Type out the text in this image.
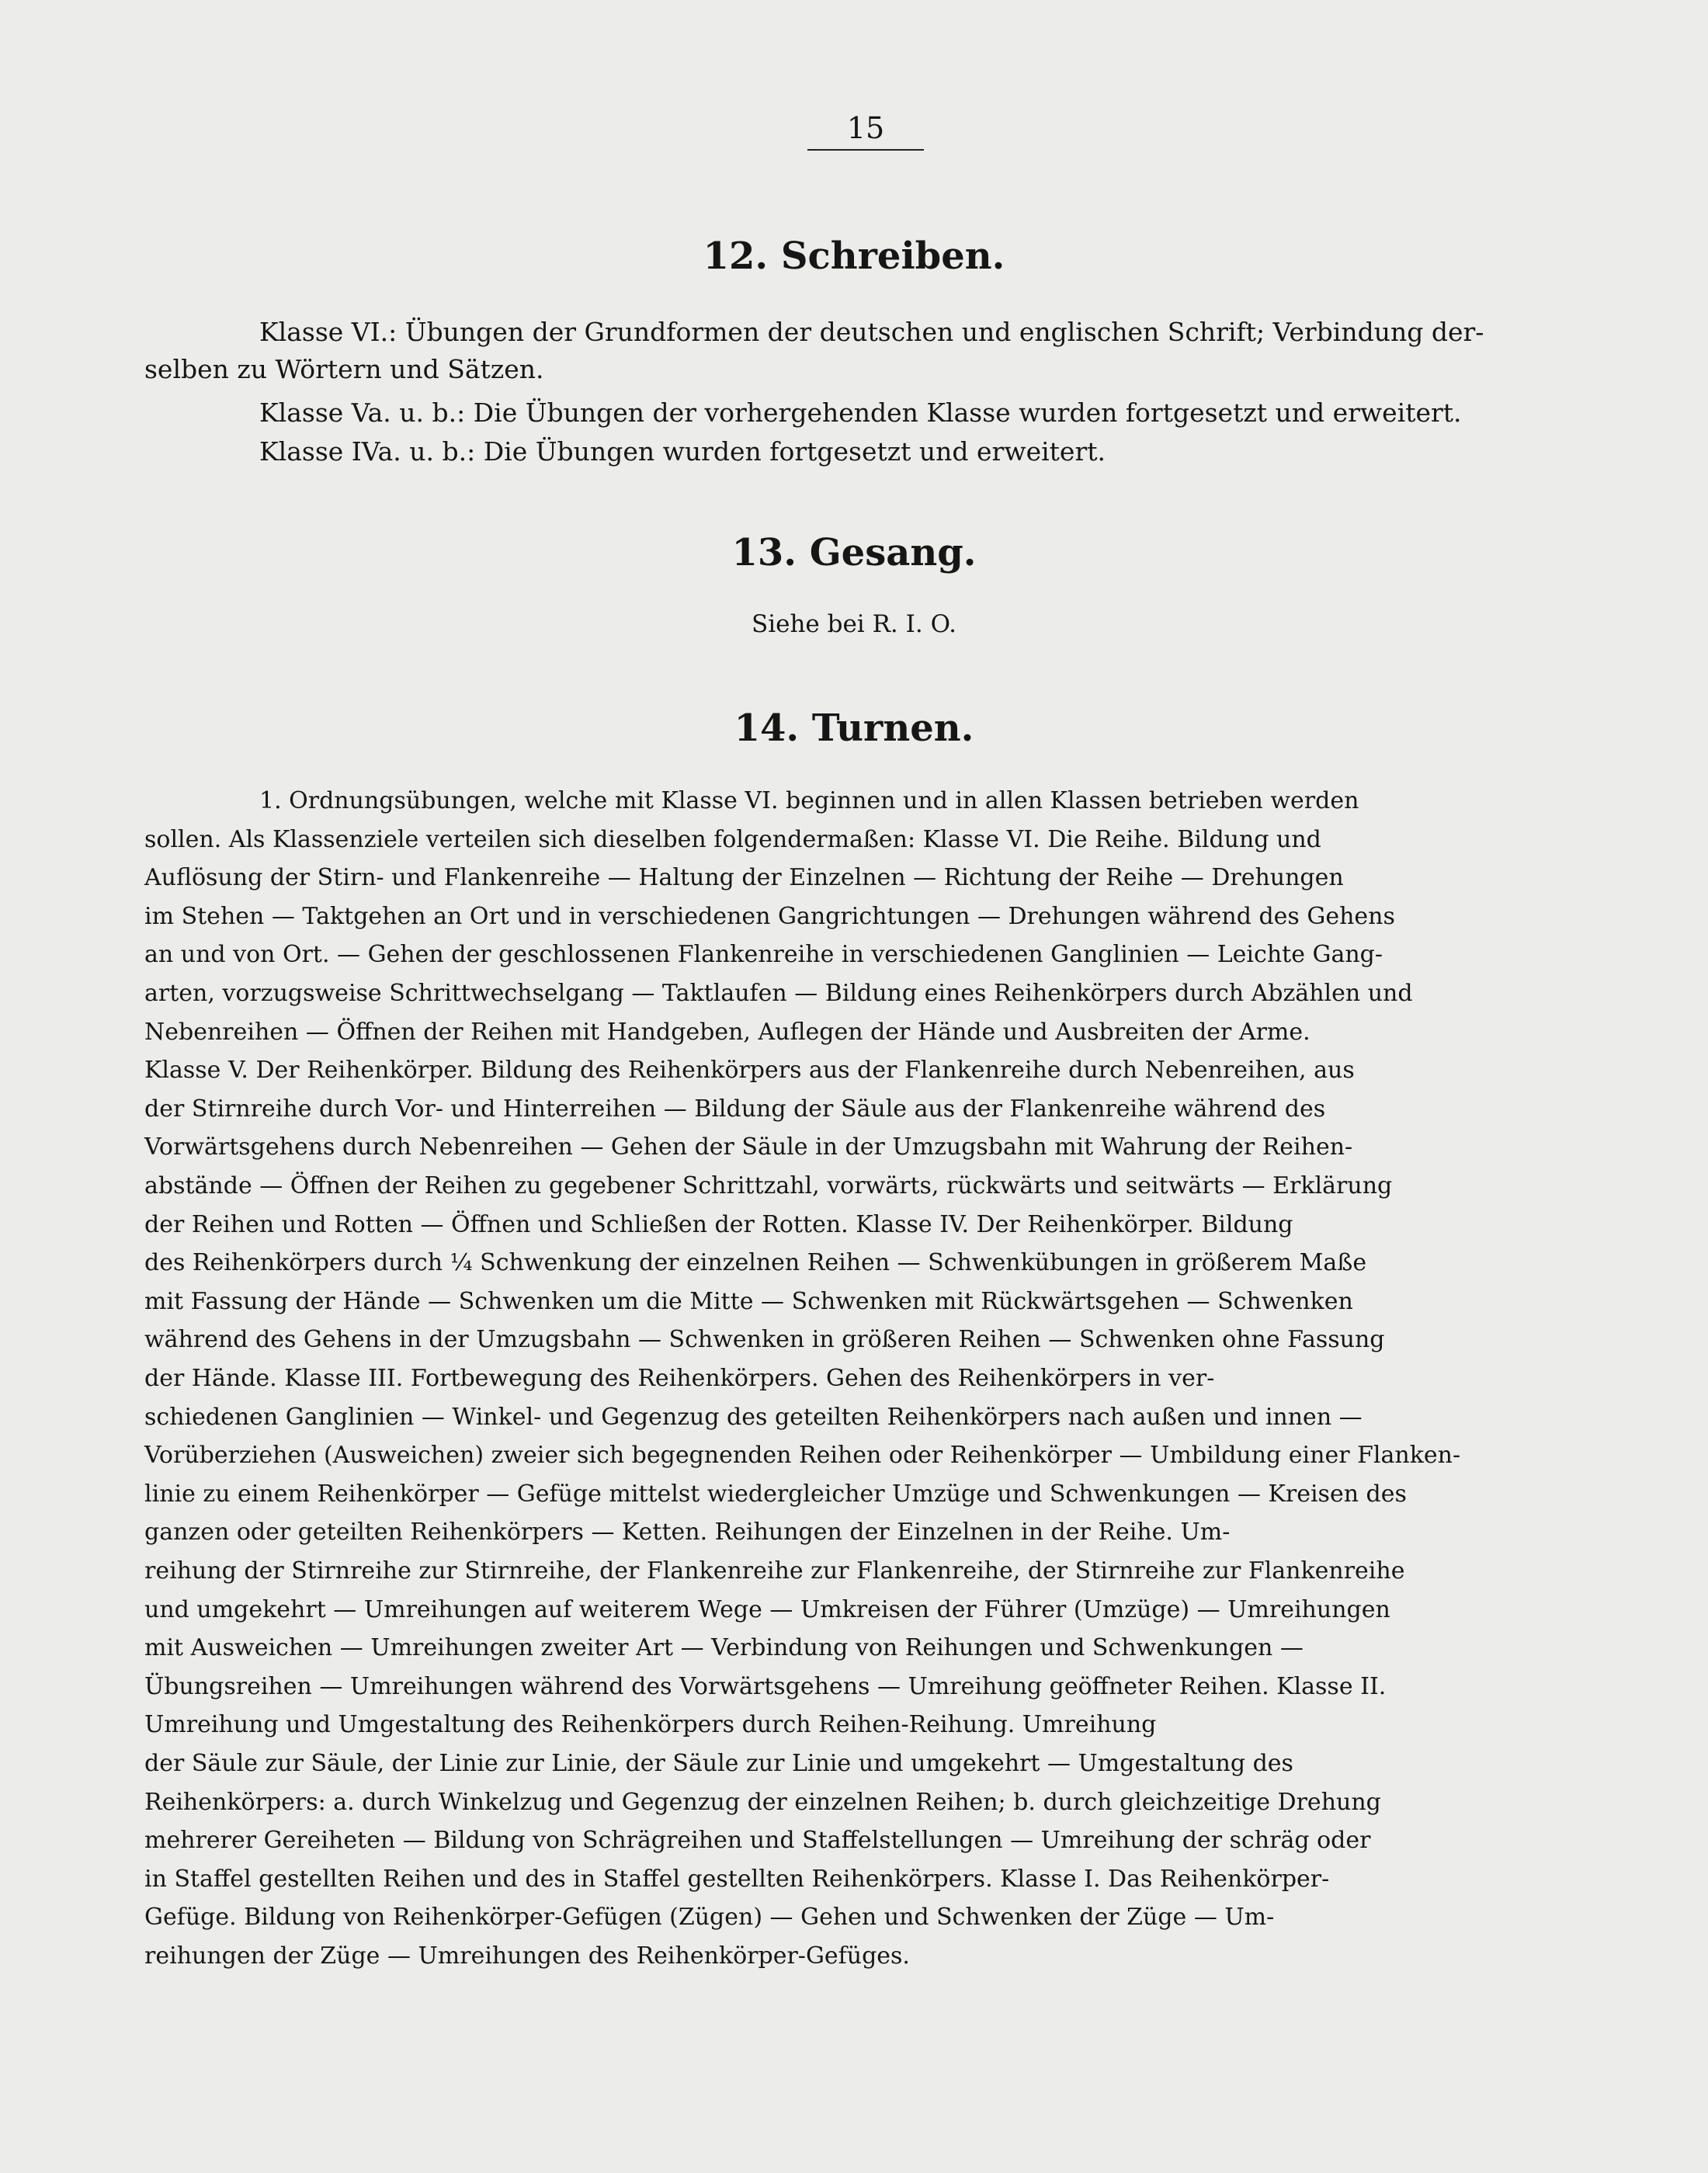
15
12. Schreiben.
Klasse VI.: Übungen der Grundformen der deutschen und englischen Schrift; Verbindung der-
selben zu Wörtern und Sätzen.
Klasse Va. u. b.: Die Übungen der vorhergehenden Klasse wurden fortgesetzt und erweitert.
Klasse IVa. u. b.: Die Übungen wurden fortgesetzt und erweitert.
13. Gesang.
Siehe bei R. I. O.
14. Turnen.
1. Ordnungsübungen, welche mit Klasse VI. beginnen und in allen Klassen betrieben werden
sollen. Als Klassenziele verteilen sich dieselben folgendermaßen: Klasse VI. Die Reihe. Bildung und
Auflösung der Stirn- und Flankenreihe — Haltung der Einzelnen — Richtung der Reihe — Drehungen
im Stehen — Taktgehen an Ort und in verschiedenen Gangrichtungen — Drehungen während des Gehens
an und von Ort. — Gehen der geschlossenen Flankenreihe in verschiedenen Ganglinien — Leichte Gang-
arten, vorzugsweise Schrittwechselgang — Taktlaufen — Bildung eines Reihenkörpers durch Abzählen und
Nebenreihen — Öffnen der Reihen mit Handgeben, Auflegen der Hände und Ausbreiten der Arme.
Klasse V. Der Reihenkörper. Bildung des Reihenkörpers aus der Flankenreihe durch Nebenreihen, aus
der Stirnreihe durch Vor- und Hinterreihen — Bildung der Säule aus der Flankenreihe während des
Vorwärtsgehens durch Nebenreihen — Gehen der Säule in der Umzugsbahn mit Wahrung der Reihen-
abstände — Öffnen der Reihen zu gegebener Schrittzahl, vorwärts, rückwärts und seitwärts — Erklärung
der Reihen und Rotten — Öffnen und Schließen der Rotten. Klasse IV. Der Reihenkörper. Bildung
des Reihenkörpers durch ¼ Schwenkung der einzelnen Reihen — Schwenkübungen in größerem Maße
mit Fassung der Hände — Schwenken um die Mitte — Schwenken mit Rückwärtsgehen — Schwenken
während des Gehens in der Umzugsbahn — Schwenken in größeren Reihen — Schwenken ohne Fassung
der Hände. Klasse III. Fortbewegung des Reihenkörpers. Gehen des Reihenkörpers in ver-
schiedenen Ganglinien — Winkel- und Gegenzug des geteilten Reihenkörpers nach außen und innen —
Vorüberziehen (Ausweichen) zweier sich begegnenden Reihen oder Reihenkörper — Umbildung einer Flanken-
linie zu einem Reihenkörper — Gefüge mittelst wiedergleicher Umzüge und Schwenkungen — Kreisen des
ganzen oder geteilten Reihenkörpers — Ketten. Reihungen der Einzelnen in der Reihe. Um-
reihung der Stirnreihe zur Stirnreihe, der Flankenreihe zur Flankenreihe, der Stirnreihe zur Flankenreihe
und umgekehrt — Umreihungen auf weiterem Wege — Umkreisen der Führer (Umzüge) — Umreihungen
mit Ausweichen — Umreihungen zweiter Art — Verbindung von Reihungen und Schwenkungen —
Übungsreihen — Umreihungen während des Vorwärtsgehens — Umreihung geöffneter Reihen. Klasse II.
Umreihung und Umgestaltung des Reihenkörpers durch Reihen-Reihung. Umreihung
der Säule zur Säule, der Linie zur Linie, der Säule zur Linie und umgekehrt — Umgestaltung des
Reihenkörpers: a. durch Winkelzug und Gegenzug der einzelnen Reihen; b. durch gleichzeitige Drehung
mehrerer Gereiheten — Bildung von Schrägreihen und Staffelstellungen — Umreihung der schräg oder
in Staffel gestellten Reihen und des in Staffel gestellten Reihenkörpers. Klasse I. Das Reihenkörper-
Gefüge. Bildung von Reihenkörper-Gefügen (Zügen) — Gehen und Schwenken der Züge — Um-
reihungen der Züge — Umreihungen des Reihenkörper-Gefüges.
